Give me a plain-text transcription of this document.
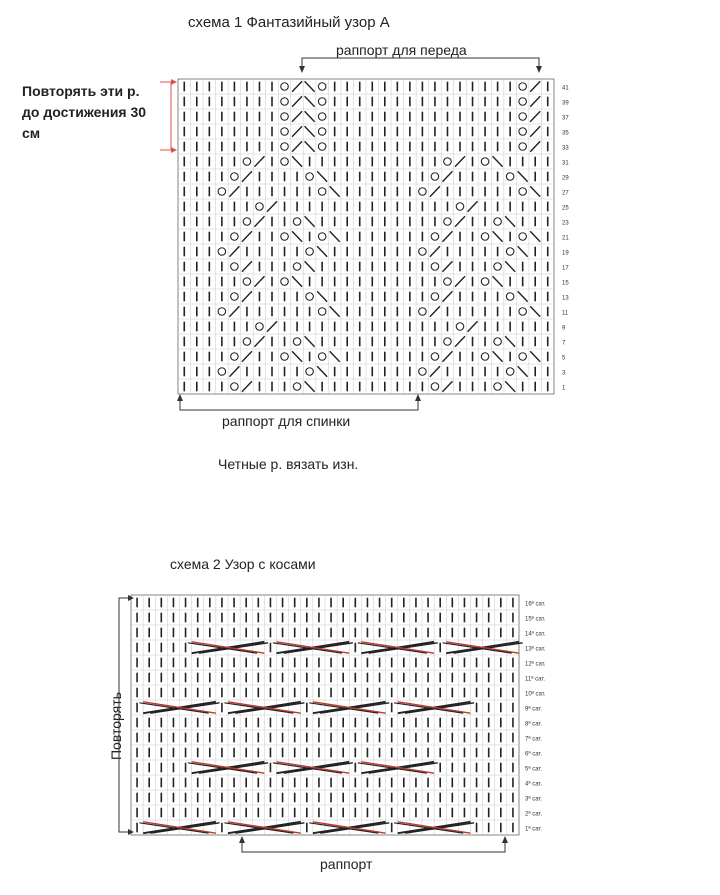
схема 1 Фантазийный узор А
раппорт для переда
Повторять эти р. до достижения 30 см
раппорт для спинки
Четные р. вязать изн.
схема 2 Узор с косами
Повторять
раппорт
41
39
37
35
33
31
29
27
25
23
21
19
17
15
13
11
9
7
5
3
1
16ª сат.
15ª сат.
14ª сат.
13ª сат.
12ª сат.
11ª сат.
10ª сат.
9ª сат.
8ª сат.
7ª сат.
6ª сат.
5ª сат.
4ª сат.
3ª сат.
2ª сат.
1ª сат.
